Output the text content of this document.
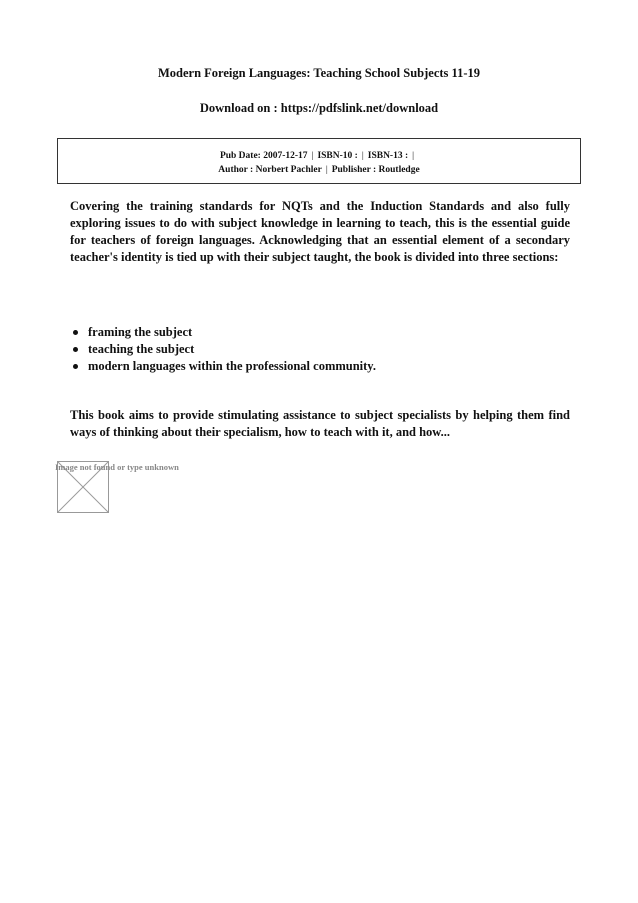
Modern Foreign Languages: Teaching School Subjects 11-19
Download on : https://pdfslink.net/download
Pub Date: 2007-12-17 | ISBN-10 : | ISBN-13 : |
Author : Norbert Pachler | Publisher : Routledge

Covering the training standards for NQTs and the Induction Standards and also fully exploring issues to do with subject knowledge in learning to teach, this is the essential guide for teachers of foreign languages. Acknowledging that an essential element of a secondary teacher's identity is tied up with their subject taught, the book is divided into three sections:

framing the subject
teaching the subject
modern languages within the professional community.

This book aims to provide stimulating assistance to subject specialists by helping them find ways of thinking about their specialism, how to teach with it, and how...

Image not found or type unknown
